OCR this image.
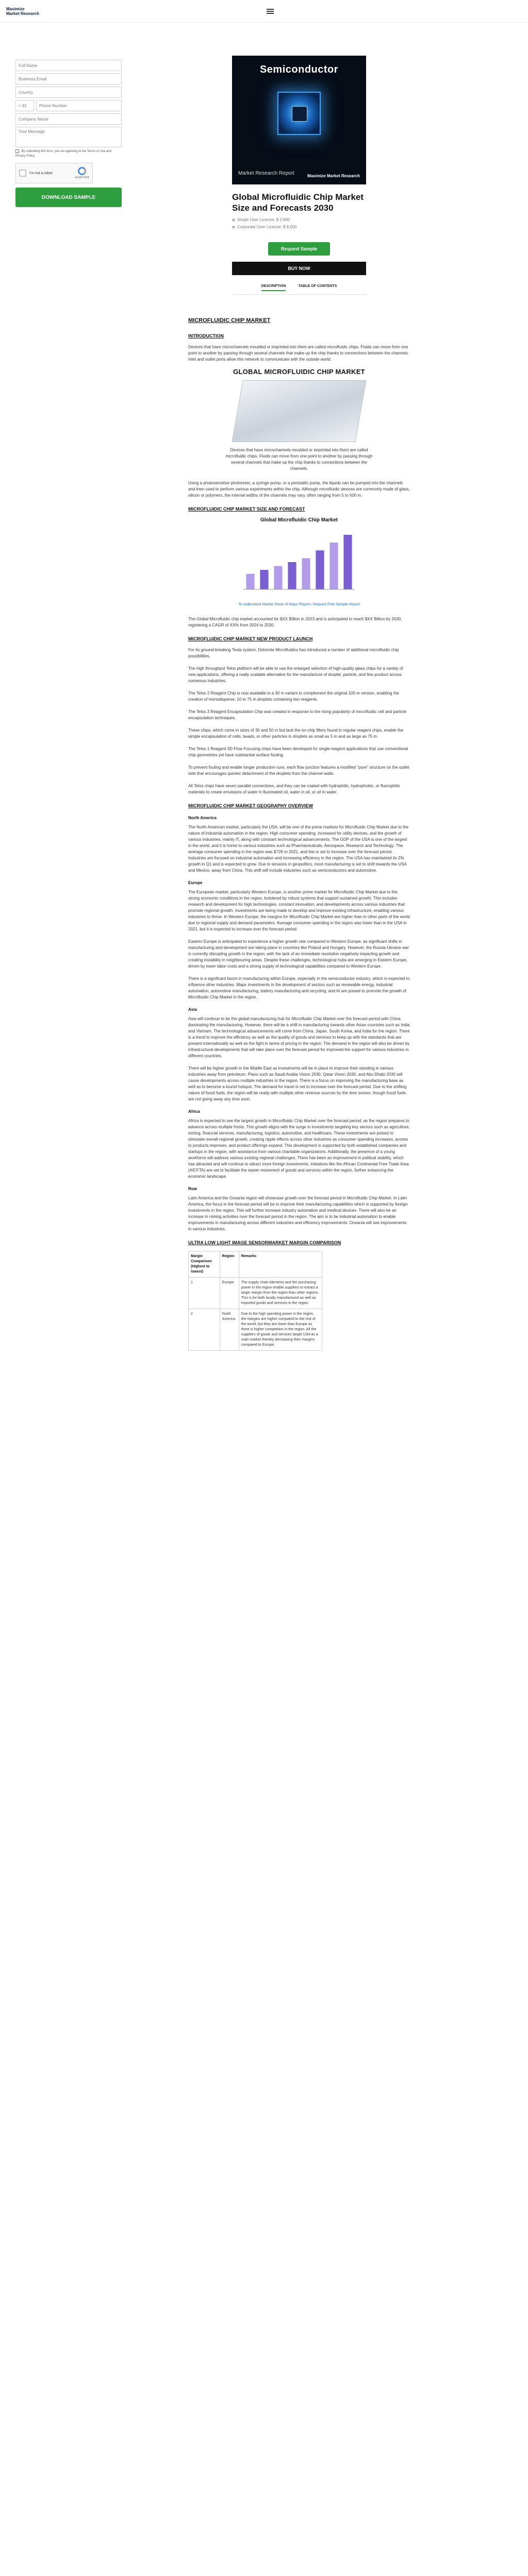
Maximize
Market Research
Full Name
Business Email
Country
+ 91	Phone Number
Company Name
Your Message
By submitting this form, you are agreeing to the Terms of Use and Privacy Policy.
I'm not a robot
reCAPTCHA
DOWNLOAD SAMPLE
Semiconductor
Market Research Report	Maximize Market Research
Global Microfluidic Chip Market Size and Forecasts 2030
Single User License: $ 3,600
Corporate User License: $ 8,000
Request Sample
BUY NOW
DESCRIPTION	TABLE OF CONTENTS
MICROFLUIDIC CHIP MARKET
INTRODUCTION

Devices that have microchannels moulded or imprinted into them are called microfluidic chips. Fluids can move from one point to another by passing through several channels that make up the chip thanks to connections between the channels. Inlet and outlet ports allow this network to communicate with the outside world.

GLOBAL MICROFLUIDIC CHIP MARKET
Devices that have microchannels moulded or imprinted into them are called microfluidic chips. Fluids can move from one point to another by passing through several channels that make up the chip thanks to connections between the channels.

Using a photosensitive photoresin, a syringe pump, or a peristaltic pump, the liquids can be pumped into the channels and then used to perform various experiments within the chip. Although microfluidic devices are commonly made of glass, silicon or polymers, the internal widths of the channels may vary, often ranging from 5 to 500 m.

MICROFLUIDIC CHIP MARKET SIZE AND FORECAST
Global Microfluidic Chip Market
To understand Market Share of Major Players: Request Free Sample Report

The Global Microfluidic chip market accounted for $XX Billion in 2023 and is anticipated to reach $XX Billion by 2030, registering a CAGR of XX% from 2024 to 2030.

MICROFLUIDIC CHIP MARKET NEW PRODUCT LAUNCH

For its ground-breaking Tesla system, Dolomite Microfluidics has introduced a number of additional microfluidic chip possibilities.

The high throughput Telos platform will be able to use the enlarged selection of high-quality glass chips for a variety of new applications, offering a really scalable alternative for the manufacture of droplet, particle, and fine product across numerous industries.

The Telos 2 Reagent Chip is now available in a 30 m variant to complement the original 100 m version, enabling the creation of monodisperse, 10 to 75 m droplets containing two reagents.

The Telos 3 Reagent Encapsulation Chip was created in response to the rising popularity of microfluidic cell and particle encapsulation techniques.

These chips, which come in sizes of 30 and 50 m but lack the on-chip filters found in regular reagent chips, enable the simple encapsulation of cells, beads, or other particles in droplets as small as 5 m and as large as 75 m.

The Telos 1 Reagent 3D Flow Focusing chips have been developed for single-reagent applications that use conventional chip geometries yet have substantial surface fouling.

To prevent fouling and enable longer production runs, each flow junction features a modified "pore" structure on the outlet side that encourages quicker detachment of the droplets from the channel walls.

All Telos chips have seven parallel connections, and they can be coated with hydrophilic, hydrophobic, or fluorophilic materials to create emulsions of water in fluorinated oil, water in oil, or oil in water.

MICROFLUIDIC CHIP MARKET GEOGRAPHY OVERVIEW
North America

The North American market, particularly the USA, will be one of the prime markets for Microfluidic Chip Market due to the nature of industrial automation in the region. High consumer spending, increased for utility devices, and the growth of various industries, mainly IT, along with constant technological advancements. The GDP of the USA is one of the largest in the world, and it is home to various industries such as Pharmaceuticals, Aerospace, Research and Technology. The average consumer spending in the region was $72K in 2021, and this is set to increase over the forecast period. Industries are focused on industrial automation and increasing efficiency in the region. The USA has maintained its 2% growth in Q1 and is expected to grow. Due to tensions in geopolitics, most manufacturing is set to shift towards the USA and Mexico, away from China. This shift will include industries such as semiconductors and automotive.

Europe

The European market, particularly Western Europe, is another prime market for Microfluidic Chip Market due to the strong economic conditions in the region, bolstered by robust systems that support sustained growth. This includes research and development for high technologies, constant innovation, and developments across various industries that promote regional growth. Investments are being made to develop and improve existing infrastructure, enabling various industries to thrive. In Western Europe, the margins for Microfluidic Chip Market are higher than in other parts of the world due to regional supply and demand parameters. Average consumer spending in the region was lower than in the USA in 2021, but it is expected to increase over the forecast period.

Eastern Europe is anticipated to experience a higher growth rate compared to Western Europe, as significant shifts in manufacturing and development are taking place in countries like Poland and Hungary. However, the Russia-Ukraine war is currently disrupting growth in the region, with the lack of an immediate resolution negatively impacting growth and creating instability in neighbouring areas. Despite these challenges, technological hubs are emerging in Eastern Europe, driven by lower labor costs and a strong supply of technological capabilities compared to Western Europe.

There is a significant boom in manufacturing within Europe, especially in the semiconductor industry, which is expected to influence other industries. Major investments in the development of sectors such as renewable energy, industrial automation, automotive manufacturing, battery manufacturing and recycling, and AI are poised to promote the growth of Microfluidic Chip Market in the region.

Asia

Asia will continue to be the global manufacturing hub for Microfluidic Chip Market over the forecast period with China dominating the manufacturing. However, there will be a shift in manufacturing towards other Asian countries such as India and Vietnam. The technological advancements will come from China, Japan, South Korea, and India for the region. There is a trend to improve the efficiency as well as the quality of goods and services to keep up with the standards that are present internationally as well as the fight in terms of pricing in the region. The demand in the region will also be driven by infrastructural developments that will take place over the forecast period for improved the support for various industries in different countries.

There will be higher growth in the Middle East as investments will be in place to improve their standing in various industries away from petroleum. Plans such as Saudi Arabia Vision 2030, Qatar Vision 2030, and Abu Dhabi 2030 will cause developments across multiple industries in the region. There is a focus on improving the manufacturing base as well as to become a tourist hotspot. The demand for travel is set to increase over the forecast period. Due to the shifting nature of fossil fuels, the region will be ready with multiple other revenue sources by the time sooner, though fossil fuels are not going away any time soon.

Africa

Africa is expected to see the largest growth in Microfluidic Chip Market over the forecast period, as the region prepares to advance across multiple fronts. This growth aligns with the surge in investments targeting key sectors such as agriculture, mining, financial services, manufacturing, logistics, automotive, and healthcare. These investments are poised to stimulate overall regional growth, creating ripple effects across other industries as consumer spending increases, access to products improves, and product offerings expand. This development is supported by both established companies and startups in the region, with assistance from various charitable organizations. Additionally, the presence of a young workforce will address various existing regional challenges. There has been an improvement in political stability, which has attracted and will continue to attract more foreign investments. Initiatives like the African Continental Free Trade Area (AfCFTA) are set to facilitate the easier movement of goods and services within the region, further enhancing the economic landscape.

Row

Latin America and the Oceania region will showcase growth over the forecast period in Microfluidic Chip Market. In Latin America, the focus in the forecast period will be to improve their manufacturing capabilities which is supported by foreign investments in the region. This will further increase industry automation and medical devices. There will also be an increase in mining activities over the forecast period in the region. The aim is to be industrial automation to enable improvements in manufacturing across different industries and efficiency improvements. Oceania will see improvements in various industries.

ULTRA LOW LIGHT IMAGE SENSORMARKET MARGIN COMPARISON
Margin Comparison (Highest to lowest)	Region	Remarks
1	Europe	The supply chain elements and the purchasing power in the region enable suppliers to extract a larger margin from the region than other regions. This is for both locally manufactured as well as imported goods and services in the region.
2	North America	Due to the high spending power in the region, the margins are higher compared to the rest of the world, but they are lower than Europe as there is higher competition in the region. All the suppliers of goods and services target USA as a main market thereby decreasing their margins compared to Europe.
